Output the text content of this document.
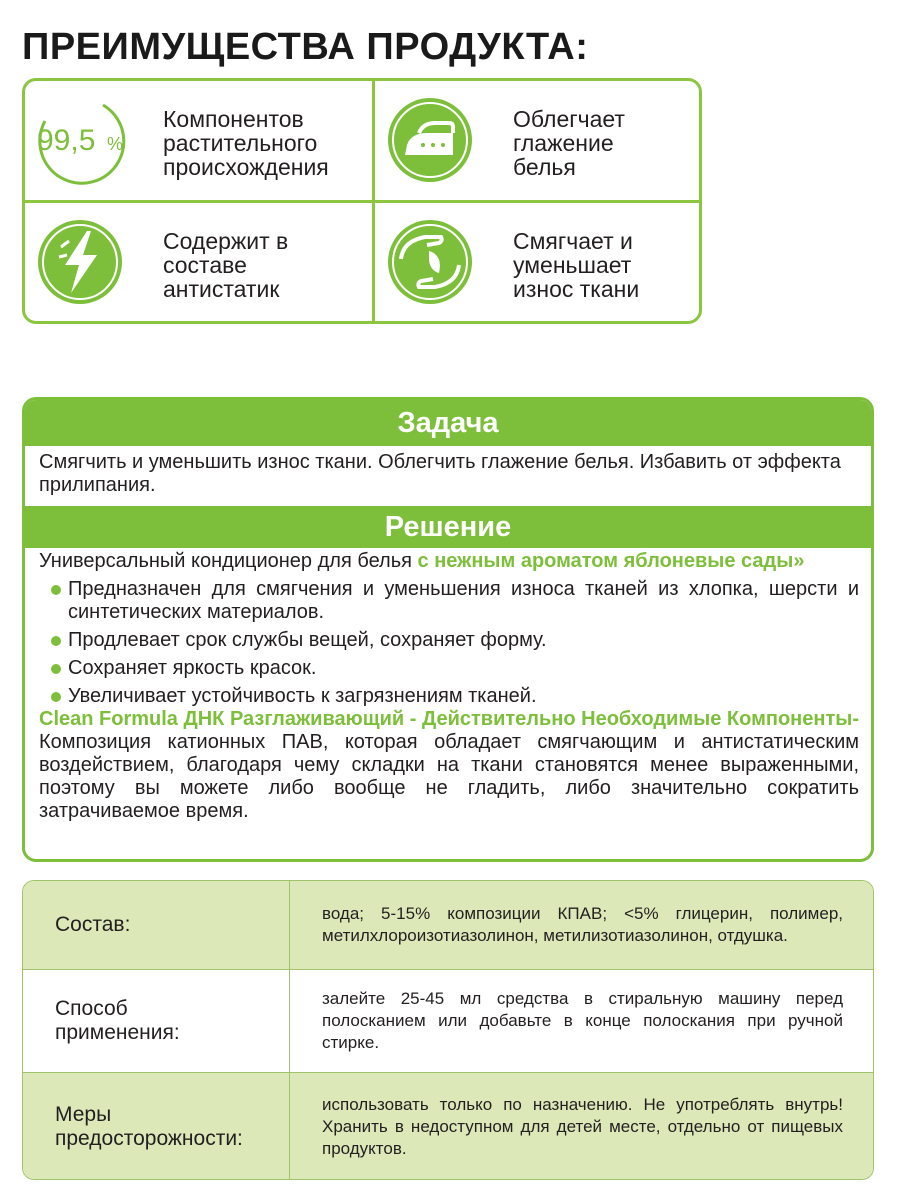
ПРЕИМУЩЕСТВА ПРОДУКТА:
99,5 %
Компонентов
растительного
происхождения
Облегчает
глажение
белья
Содержит в
составе
антистатик
Смягчает и
уменьшает
износ ткани
Задача
Смягчить и уменьшить износ ткани. Облегчить глажение белья. Избавить от эффекта прилипания.
Решение

Универсальный кондиционер для белья с нежным ароматом яблоневые сады»

Предназначен для смягчения и уменьшения износа тканей из хлопка, шерсти и синтетических материалов.
Продлевает срок службы вещей, сохраняет форму.
Сохраняет яркость красок.
Увеличивает устойчивость к загрязнениям тканей.

Clean Formula ДНК Разглаживающий - Действительно Необходимые Компоненты- Композиция катионных ПАВ, которая обладает смягчающим и антистатическим воздействием, благодаря чему складки на ткани становятся менее выраженными, поэтому вы можете либо вообще не гладить, либо значительно сократить затрачиваемое время.

Состав:	вода; 5-15% композиции КПАВ; <5% глицерин, полимер, метилхлороизотиазолинон, метилизотиазолинон, отдушка.
Способ
применения:
залейте 25-45 мл средства в стиральную машину перед полосканием или добавьте в конце полоскания при ручной стирке.
Меры
предосторожности:
использовать только по назначению. Не употреблять внутрь! Хранить в недоступном для детей месте, отдельно от пищевых продуктов.
